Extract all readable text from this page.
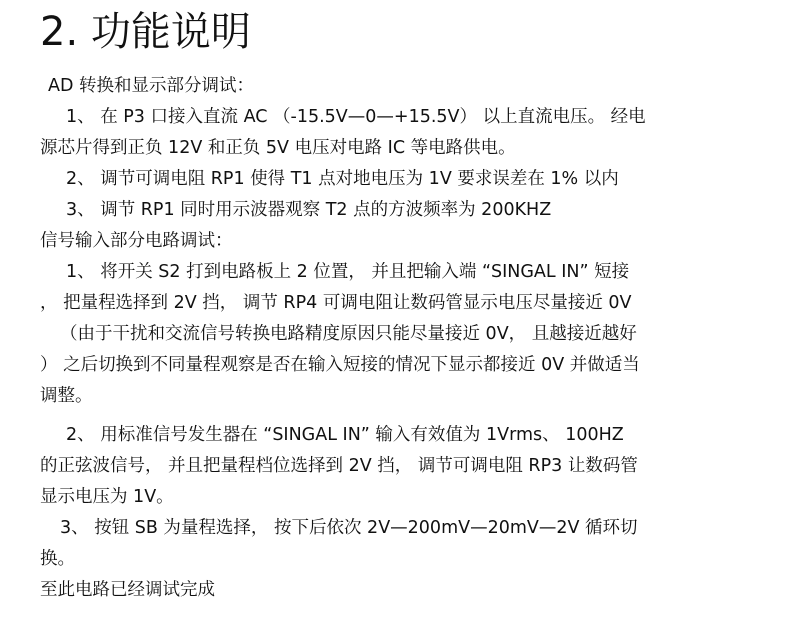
2. 功能说明

AD 转换和显示部分调试：

1、 在 P3 口接入直流 AC （-15.5V—0—+15.5V） 以上直流电压。 经电

源芯片得到正负 12V 和正负 5V 电压对电路 IC 等电路供电。

2、 调节可调电阻 RP1 使得 T1 点对地电压为 1V 要求误差在 1% 以内

3、 调节 RP1 同时用示波器观察 T2 点的方波频率为 200KHZ

信号输入部分电路调试：

1、 将开关 S2 打到电路板上 2 位置， 并且把输入端 “SINGAL IN” 短接

， 把量程选择到 2V 挡， 调节 RP4 可调电阻让数码管显示电压尽量接近 0V

（由于干扰和交流信号转换电路精度原因只能尽量接近 0V， 且越接近越好

） 之后切换到不同量程观察是否在输入短接的情况下显示都接近 0V 并做适当

调整。

2、 用标准信号发生器在 “SINGAL IN” 输入有效值为 1Vrms、 100HZ

的正弦波信号， 并且把量程档位选择到 2V 挡， 调节可调电阻 RP3 让数码管

显示电压为 1V。

3、 按钮 SB 为量程选择， 按下后依次 2V—200mV—20mV—2V 循环切

换。

至此电路已经调试完成
